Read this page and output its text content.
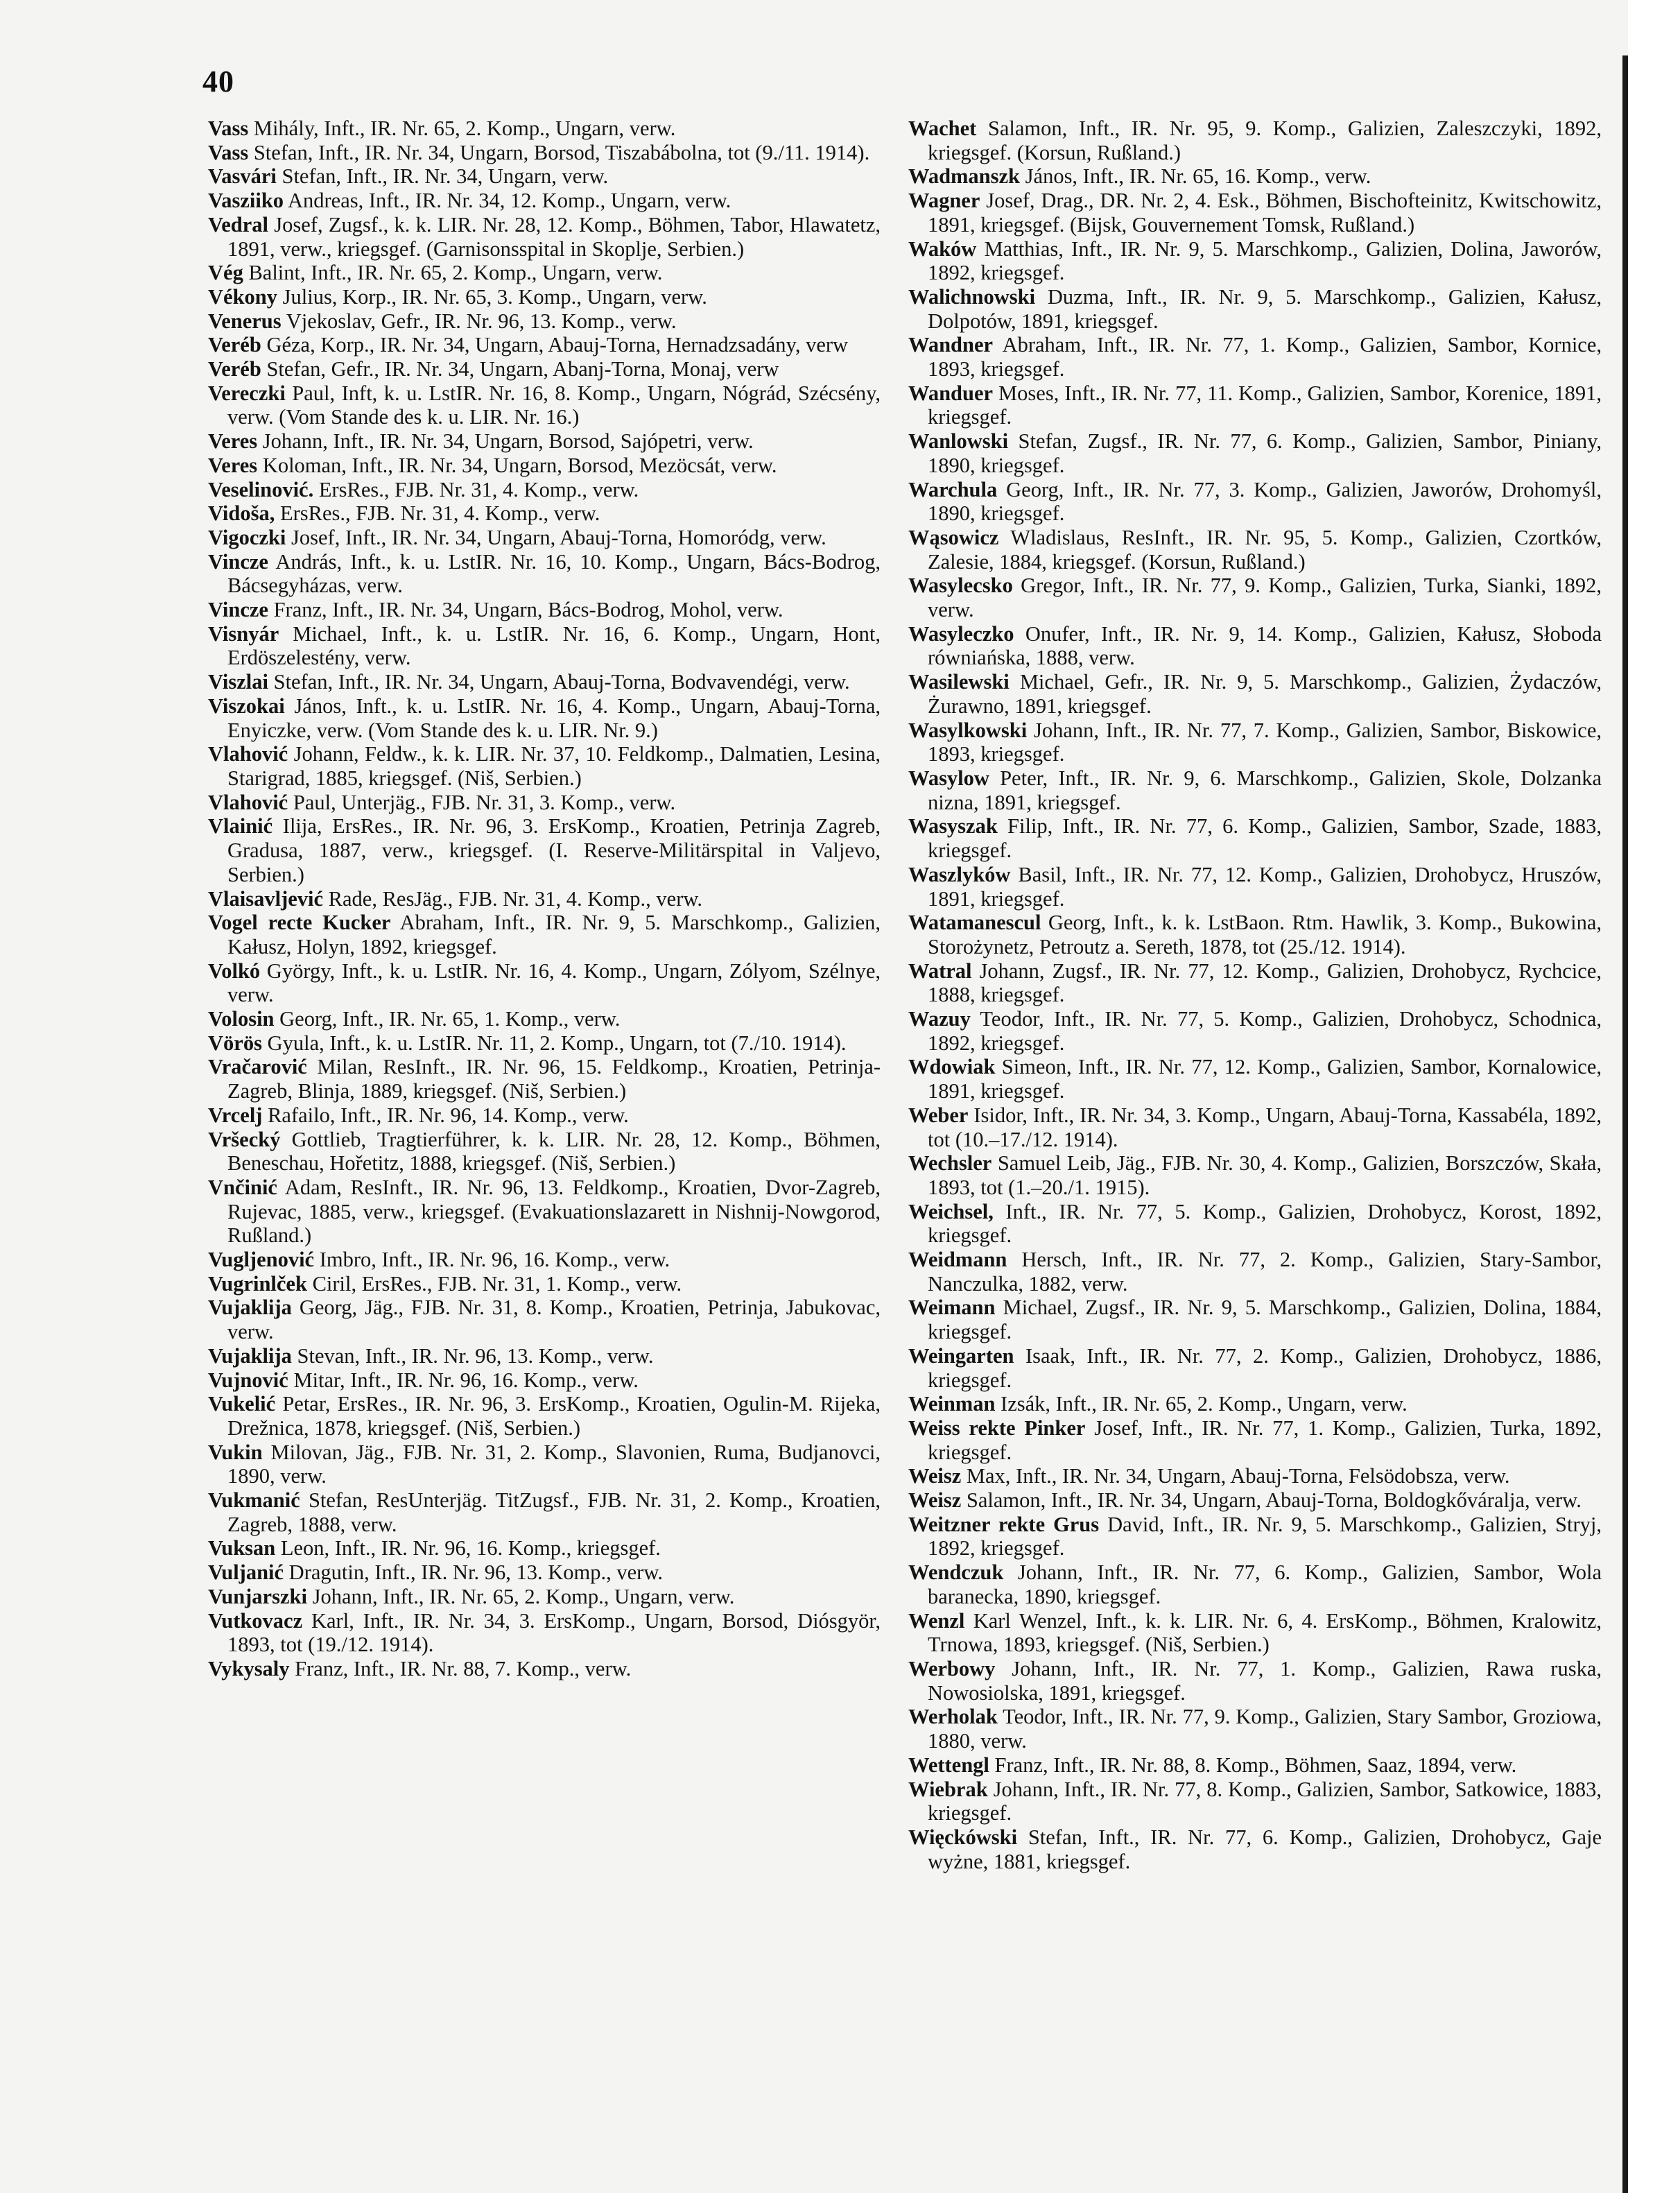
40

Vass Mihály, Inft., IR. Nr. 65, 2. Komp., Ungarn, verw.

Vass Stefan, Inft., IR. Nr. 34, Ungarn, Borsod, Tiszabábolna, tot (9./11. 1914).

Vasvári Stefan, Inft., IR. Nr. 34, Ungarn, verw.

Vasziiko Andreas, Inft., IR. Nr. 34, 12. Komp., Ungarn, verw.

Vedral Josef, Zugsf., k. k. LIR. Nr. 28, 12. Komp., Böhmen, Tabor, Hlawatetz, 1891, verw., kriegsgef. (Garnisonsspital in Skoplje, Serbien.)

Vég Balint, Inft., IR. Nr. 65, 2. Komp., Ungarn, verw.

Vékony Julius, Korp., IR. Nr. 65, 3. Komp., Ungarn, verw.

Venerus Vjekoslav, Gefr., IR. Nr. 96, 13. Komp., verw.

Veréb Géza, Korp., IR. Nr. 34, Ungarn, Abauj-Torna, Hernadzsadány, verw

Veréb Stefan, Gefr., IR. Nr. 34, Ungarn, Abanj-Torna, Monaj, verw

Vereczki Paul, Inft, k. u. LstIR. Nr. 16, 8. Komp., Ungarn, Nógrád, Szécsény, verw. (Vom Stande des k. u. LIR. Nr. 16.)

Veres Johann, Inft., IR. Nr. 34, Ungarn, Borsod, Sajópetri, verw.

Veres Koloman, Inft., IR. Nr. 34, Ungarn, Borsod, Mezöcsát, verw.

Veselinović. ErsRes., FJB. Nr. 31, 4. Komp., verw.

Vidoša, ErsRes., FJB. Nr. 31, 4. Komp., verw.

Vigoczki Josef, Inft., IR. Nr. 34, Ungarn, Abauj-Torna, Homoródg, verw.

Vincze András, Inft., k. u. LstIR. Nr. 16, 10. Komp., Ungarn, Bács-Bodrog, Bácsegyházas, verw.

Vincze Franz, Inft., IR. Nr. 34, Ungarn, Bács-Bodrog, Mohol, verw.

Visnyár Michael, Inft., k. u. LstIR. Nr. 16, 6. Komp., Ungarn, Hont, Erdöszelestény, verw.

Viszlai Stefan, Inft., IR. Nr. 34, Ungarn, Abauj-Torna, Bodvavendégi, verw.

Viszokai János, Inft., k. u. LstIR. Nr. 16, 4. Komp., Ungarn, Abauj-Torna, Enyiczke, verw. (Vom Stande des k. u. LIR. Nr. 9.)

Vlahović Johann, Feldw., k. k. LIR. Nr. 37, 10. Feldkomp., Dalmatien, Lesina, Starigrad, 1885, kriegsgef. (Niš, Serbien.)

Vlahović Paul, Unterjäg., FJB. Nr. 31, 3. Komp., verw.

Vlainić Ilija, ErsRes., IR. Nr. 96, 3. ErsKomp., Kroatien, Petrinja Zagreb, Gradusa, 1887, verw., kriegsgef. (I. Reserve-Militärspital in Valjevo, Serbien.)

Vlaisavljević Rade, ResJäg., FJB. Nr. 31, 4. Komp., verw.

Vogel recte Kucker Abraham, Inft., IR. Nr. 9, 5. Marschkomp., Galizien, Kałusz, Holyn, 1892, kriegsgef.

Volkó György, Inft., k. u. LstIR. Nr. 16, 4. Komp., Ungarn, Zólyom, Szélnye, verw.

Volosin Georg, Inft., IR. Nr. 65, 1. Komp., verw.

Vörös Gyula, Inft., k. u. LstIR. Nr. 11, 2. Komp., Ungarn, tot (7./10. 1914).

Vračarović Milan, ResInft., IR. Nr. 96, 15. Feldkomp., Kroatien, Petrinja-Zagreb, Blinja, 1889, kriegsgef. (Niš, Serbien.)

Vrcelj Rafailo, Inft., IR. Nr. 96, 14. Komp., verw.

Vršecký Gottlieb, Tragtierführer, k. k. LIR. Nr. 28, 12. Komp., Böhmen, Beneschau, Hořetitz, 1888, kriegsgef. (Niš, Serbien.)

Vnčinić Adam, ResInft., IR. Nr. 96, 13. Feldkomp., Kroatien, Dvor-Zagreb, Rujevac, 1885, verw., kriegsgef. (Evakuationslazarett in Nishnij-Nowgorod, Rußland.)

Vugljenović Imbro, Inft., IR. Nr. 96, 16. Komp., verw.

Vugrinlček Ciril, ErsRes., FJB. Nr. 31, 1. Komp., verw.

Vujaklija Georg, Jäg., FJB. Nr. 31, 8. Komp., Kroatien, Petrinja, Jabukovac, verw.

Vujaklija Stevan, Inft., IR. Nr. 96, 13. Komp., verw.

Vujnović Mitar, Inft., IR. Nr. 96, 16. Komp., verw.

Vukelić Petar, ErsRes., IR. Nr. 96, 3. ErsKomp., Kroatien, Ogulin-M. Rijeka, Drežnica, 1878, kriegsgef. (Niš, Serbien.)

Vukin Milovan, Jäg., FJB. Nr. 31, 2. Komp., Slavonien, Ruma, Budjanovci, 1890, verw.

Vukmanić Stefan, ResUnterjäg. TitZugsf., FJB. Nr. 31, 2. Komp., Kroatien, Zagreb, 1888, verw.

Vuksan Leon, Inft., IR. Nr. 96, 16. Komp., kriegsgef.

Vuljanić Dragutin, Inft., IR. Nr. 96, 13. Komp., verw.

Vunjarszki Johann, Inft., IR. Nr. 65, 2. Komp., Ungarn, verw.

Vutkovacz Karl, Inft., IR. Nr. 34, 3. ErsKomp., Ungarn, Borsod, Diósgyör, 1893, tot (19./12. 1914).

Vykysaly Franz, Inft., IR. Nr. 88, 7. Komp., verw.

Wachet Salamon, Inft., IR. Nr. 95, 9. Komp., Galizien, Zaleszczyki, 1892, kriegsgef. (Korsun, Rußland.)

Wadmanszk János, Inft., IR. Nr. 65, 16. Komp., verw.

Wagner Josef, Drag., DR. Nr. 2, 4. Esk., Böhmen, Bischofteinitz, Kwitschowitz, 1891, kriegsgef. (Bijsk, Gouvernement Tomsk, Rußland.)

Waków Matthias, Inft., IR. Nr. 9, 5. Marschkomp., Galizien, Dolina, Jaworów, 1892, kriegsgef.

Walichnowski Duzma, Inft., IR. Nr. 9, 5. Marschkomp., Galizien, Kałusz, Dolpotów, 1891, kriegsgef.

Wandner Abraham, Inft., IR. Nr. 77, 1. Komp., Galizien, Sambor, Kornice, 1893, kriegsgef.

Wanduer Moses, Inft., IR. Nr. 77, 11. Komp., Galizien, Sambor, Korenice, 1891, kriegsgef.

Wanlowski Stefan, Zugsf., IR. Nr. 77, 6. Komp., Galizien, Sambor, Piniany, 1890, kriegsgef.

Warchula Georg, Inft., IR. Nr. 77, 3. Komp., Galizien, Jaworów, Drohomyśl, 1890, kriegsgef.

Wąsowicz Wladislaus, ResInft., IR. Nr. 95, 5. Komp., Galizien, Czortków, Zalesie, 1884, kriegsgef. (Korsun, Rußland.)

Wasylecsko Gregor, Inft., IR. Nr. 77, 9. Komp., Galizien, Turka, Sianki, 1892, verw.

Wasyleczko Onufer, Inft., IR. Nr. 9, 14. Komp., Galizien, Kałusz, Słoboda równiańska, 1888, verw.

Wasilewski Michael, Gefr., IR. Nr. 9, 5. Marschkomp., Galizien, Żydaczów, Żurawno, 1891, kriegsgef.

Wasylkowski Johann, Inft., IR. Nr. 77, 7. Komp., Galizien, Sambor, Biskowice, 1893, kriegsgef.

Wasylow Peter, Inft., IR. Nr. 9, 6. Marschkomp., Galizien, Skole, Dolzanka nizna, 1891, kriegsgef.

Wasyszak Filip, Inft., IR. Nr. 77, 6. Komp., Galizien, Sambor, Szade, 1883, kriegsgef.

Waszlyków Basil, Inft., IR. Nr. 77, 12. Komp., Galizien, Drohobycz, Hruszów, 1891, kriegsgef.

Watamanescul Georg, Inft., k. k. LstBaon. Rtm. Hawlik, 3. Komp., Bukowina, Storożynetz, Petroutz a. Sereth, 1878, tot (25./12. 1914).

Watral Johann, Zugsf., IR. Nr. 77, 12. Komp., Galizien, Drohobycz, Rychcice, 1888, kriegsgef.

Wazuy Teodor, Inft., IR. Nr. 77, 5. Komp., Galizien, Drohobycz, Schodnica, 1892, kriegsgef.

Wdowiak Simeon, Inft., IR. Nr. 77, 12. Komp., Galizien, Sambor, Kornalowice, 1891, kriegsgef.

Weber Isidor, Inft., IR. Nr. 34, 3. Komp., Ungarn, Abauj-Torna, Kassabéla, 1892, tot (10.–17./12. 1914).

Wechsler Samuel Leib, Jäg., FJB. Nr. 30, 4. Komp., Galizien, Borszczów, Skała, 1893, tot (1.–20./1. 1915).

Weichsel, Inft., IR. Nr. 77, 5. Komp., Galizien, Drohobycz, Korost, 1892, kriegsgef.

Weidmann Hersch, Inft., IR. Nr. 77, 2. Komp., Galizien, Stary-Sambor, Nanczulka, 1882, verw.

Weimann Michael, Zugsf., IR. Nr. 9, 5. Marschkomp., Galizien, Dolina, 1884, kriegsgef.

Weingarten Isaak, Inft., IR. Nr. 77, 2. Komp., Galizien, Drohobycz, 1886, kriegsgef.

Weinman Izsák, Inft., IR. Nr. 65, 2. Komp., Ungarn, verw.

Weiss rekte Pinker Josef, Inft., IR. Nr. 77, 1. Komp., Galizien, Turka, 1892, kriegsgef.

Weisz Max, Inft., IR. Nr. 34, Ungarn, Abauj-Torna, Felsödobsza, verw.

Weisz Salamon, Inft., IR. Nr. 34, Ungarn, Abauj-Torna, Boldogkőváralja, verw.

Weitzner rekte Grus David, Inft., IR. Nr. 9, 5. Marschkomp., Galizien, Stryj, 1892, kriegsgef.

Wendczuk Johann, Inft., IR. Nr. 77, 6. Komp., Galizien, Sambor, Wola baranecka, 1890, kriegsgef.

Wenzl Karl Wenzel, Inft., k. k. LIR. Nr. 6, 4. ErsKomp., Böhmen, Kralowitz, Trnowa, 1893, kriegsgef. (Niš, Serbien.)

Werbowy Johann, Inft., IR. Nr. 77, 1. Komp., Galizien, Rawa ruska, Nowosiolska, 1891, kriegsgef.

Werholak Teodor, Inft., IR. Nr. 77, 9. Komp., Galizien, Stary Sambor, Groziowa, 1880, verw.

Wettengl Franz, Inft., IR. Nr. 88, 8. Komp., Böhmen, Saaz, 1894, verw.

Wiebrak Johann, Inft., IR. Nr. 77, 8. Komp., Galizien, Sambor, Satkowice, 1883, kriegsgef.

Więckówski Stefan, Inft., IR. Nr. 77, 6. Komp., Galizien, Drohobycz, Gaje wyżne, 1881, kriegsgef.
